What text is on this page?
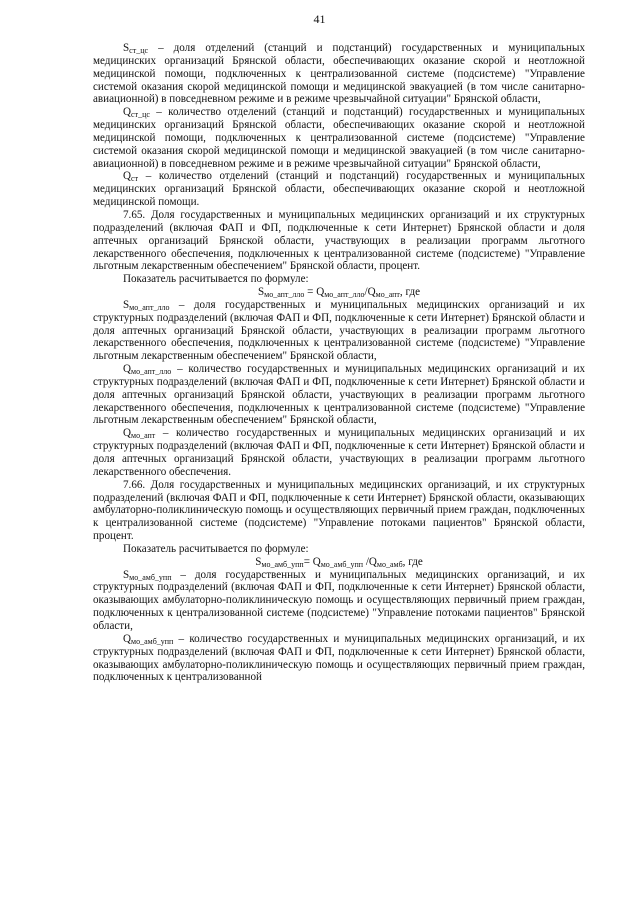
41

$S_{ст\_цс}$ – доля отделений (станций и подстанций) государственных и муниципальных медицинских организаций Брянской области, обеспечивающих оказание скорой и неотложной медицинской помощи, подключенных к централизованной системе (подсистеме) "Управление системой оказания скорой медицинской помощи и медицинской эвакуацией (в том числе санитарно-авиационной) в повседневном режиме и в режиме чрезвычайной ситуации" Брянской области,

$Q_{ст\_цс}$ – количество отделений (станций и подстанций) государственных и муниципальных медицинских организаций Брянской области, обеспечивающих оказание скорой и неотложной медицинской помощи, подключенных к централизованной системе (подсистеме) "Управление системой оказания скорой медицинской помощи и медицинской эвакуацией (в том числе санитарно-авиационной) в повседневном режиме и в режиме чрезвычайной ситуации" Брянской области,

$Q_{ст}$ – количество отделений (станций и подстанций) государственных и муниципальных медицинских организаций Брянской области, обеспечивающих оказание скорой и неотложной медицинской помощи.

7.65. Доля государственных и муниципальных медицинских организаций и их структурных подразделений (включая ФАП и ФП, подключенные к сети Интернет) Брянской области и доля аптечных организаций Брянской области, участвующих в реализации программ льготного лекарственного обеспечения, подключенных к централизованной системе (подсистеме) "Управление льготным лекарственным обеспечением" Брянской области, процент.

Показатель расчитывается по формуле:

$S_{мо\_апт\_лло} = Q_{мо\_апт\_лло}/Q_{мо\_апт}$, где

$S_{мо\_апт\_лло}$ – доля государственных и муниципальных медицинских организаций и их структурных подразделений (включая ФАП и ФП, подключенные к сети Интернет) Брянской области и доля аптечных организаций Брянской области, участвующих в реализации программ льготного лекарственного обеспечения, подключенных к централизованной системе (подсистеме) "Управление льготным лекарственным обеспечением" Брянской области,

$Q_{мо\_апт\_лло}$ – количество государственных и муниципальных медицинских организаций и их структурных подразделений (включая ФАП и ФП, подключенные к сети Интернет) Брянской области и доля аптечных организаций Брянской области, участвующих в реализации программ льготного лекарственного обеспечения, подключенных к централизованной системе (подсистеме) "Управление льготным лекарственным обеспечением" Брянской области,

$Q_{мо\_апт}$ – количество государственных и муниципальных медицинских организаций и их структурных подразделений (включая ФАП и ФП, подключенные к сети Интернет) Брянской области и доля аптечных организаций Брянской области, участвующих в реализации программ льготного лекарственного обеспечения.

7.66. Доля государственных и муниципальных медицинских организаций, и их структурных подразделений (включая ФАП и ФП, подключенные к сети Интернет) Брянской области, оказывающих амбулаторно-поликлиническую помощь и осуществляющих первичный прием граждан, подключенных к централизованной системе (подсистеме) "Управление потоками пациентов" Брянской области, процент.

Показатель расчитывается по формуле:

$S_{мо\_амб\_упп}= Q_{мо\_амб\_упп}$ $/Q_{мо\_амб}$, где

$S_{мо\_амб\_упп}$ – доля государственных и муниципальных медицинских организаций, и их структурных подразделений (включая ФАП и ФП, подключенные к сети Интернет) Брянской области, оказывающих амбулаторно-поликлиническую помощь и осуществляющих первичный прием граждан, подключенных к централизованной системе (подсистеме) "Управление потоками пациентов" Брянской области,

$Q_{мо\_амб\_упп}$ – количество государственных и муниципальных медицинских организаций, и их структурных подразделений (включая ФАП и ФП, подключенные к сети Интернет) Брянской области, оказывающих амбулаторно-поликлиническую помощь и осуществляющих первичный прием граждан, подключенных к централизованной
